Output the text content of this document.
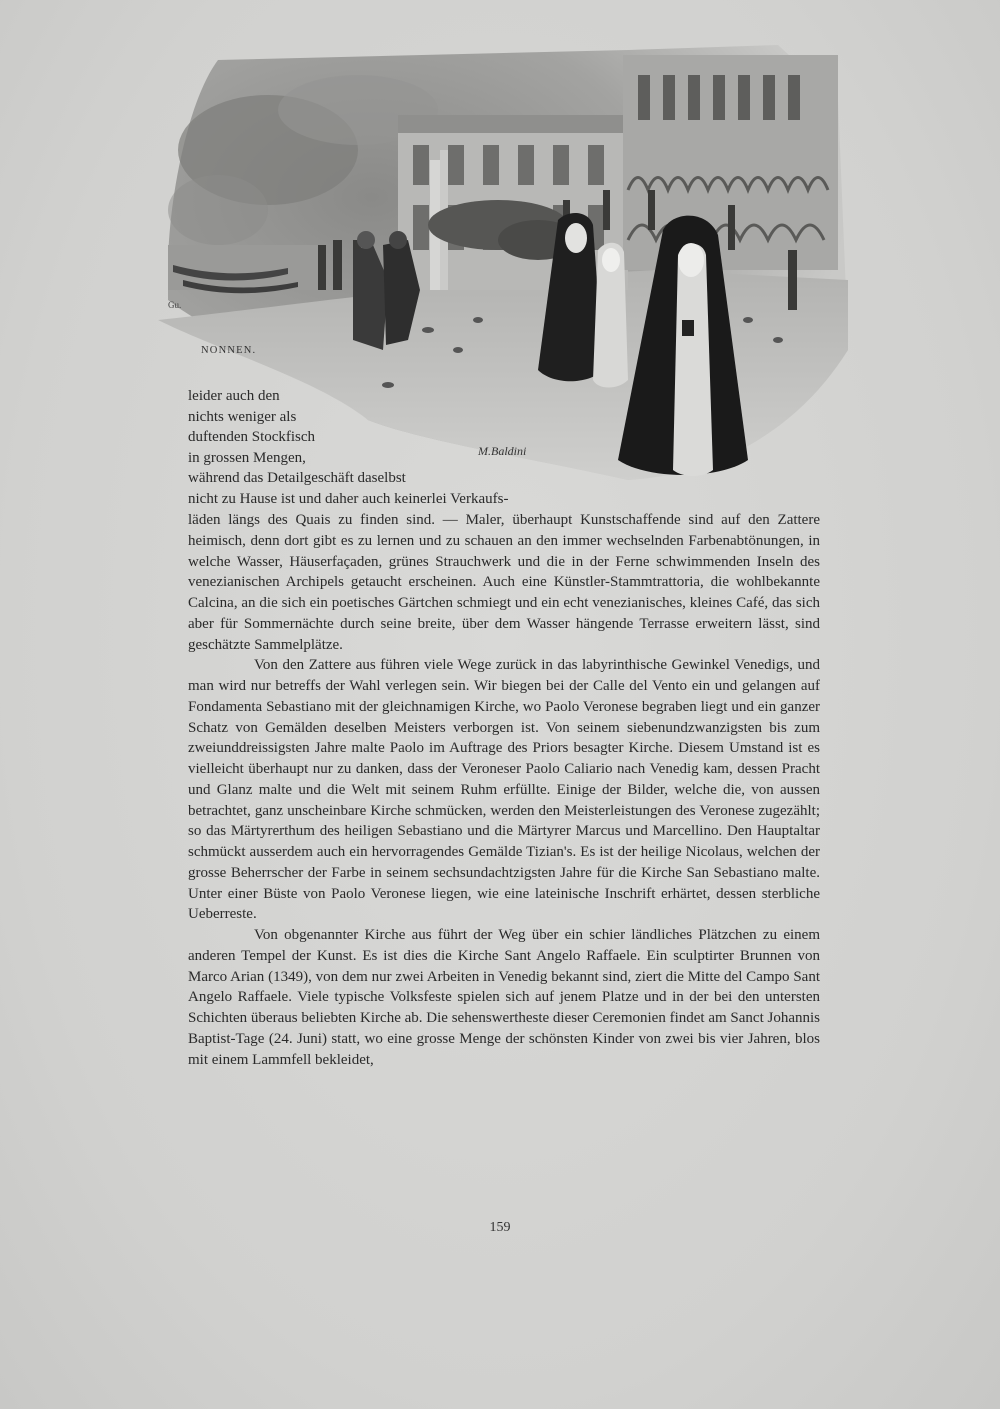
Gu.
M.Baldini
NONNEN.
leider auch den
nichts weniger als
duftenden Stockfisch
in grossen Mengen,
während das Detailgeschäft daselbst
nicht zu Hause ist und daher auch keinerlei Verkaufs-

läden längs des Quais zu finden sind. — Maler, überhaupt Kunstschaffende sind auf den Zattere heimisch, denn dort gibt es zu lernen und zu schauen an den immer wechselnden Farbenabtönungen, in welche Wasser, Häuserfaçaden, grünes Strauchwerk und die in der Ferne schwimmenden Inseln des venezianischen Archipels getaucht erscheinen. Auch eine Künstler-Stammtrattoria, die wohlbekannte Calcina, an die sich ein poetisches Gärtchen schmiegt und ein echt venezianisches, kleines Café, das sich aber für Sommernächte durch seine breite, über dem Wasser hängende Terrasse erweitern lässt, sind geschätzte Sammelplätze.

Von den Zattere aus führen viele Wege zurück in das labyrinthische Gewinkel Venedigs, und man wird nur betreffs der Wahl verlegen sein. Wir biegen bei der Calle del Vento ein und gelangen auf Fondamenta Sebastiano mit der gleichnamigen Kirche, wo Paolo Veronese begraben liegt und ein ganzer Schatz von Gemälden deselben Meisters verborgen ist. Von seinem siebenundzwanzigsten bis zum zweiunddreissigsten Jahre malte Paolo im Auftrage des Priors besagter Kirche. Diesem Umstand ist es vielleicht überhaupt nur zu danken, dass der Veroneser Paolo Caliario nach Venedig kam, dessen Pracht und Glanz malte und die Welt mit seinem Ruhm erfüllte. Einige der Bilder, welche die, von aussen betrachtet, ganz unscheinbare Kirche schmücken, werden den Meisterleistungen des Veronese zugezählt; so das Märtyrerthum des heiligen Sebastiano und die Märtyrer Marcus und Marcellino. Den Hauptaltar schmückt ausserdem auch ein hervorragendes Gemälde Tizian's. Es ist der heilige Nicolaus, welchen der grosse Beherrscher der Farbe in seinem sechsundachtzigsten Jahre für die Kirche San Sebastiano malte. Unter einer Büste von Paolo Veronese liegen, wie eine lateinische Inschrift erhärtet, dessen sterbliche Ueberreste.

Von obgenannter Kirche aus führt der Weg über ein schier ländliches Plätzchen zu einem anderen Tempel der Kunst. Es ist dies die Kirche Sant Angelo Raffaele. Ein sculptirter Brunnen von Marco Arian (1349), von dem nur zwei Arbeiten in Venedig bekannt sind, ziert die Mitte del Campo Sant Angelo Raffaele. Viele typische Volksfeste spielen sich auf jenem Platze und in der bei den untersten Schichten überaus beliebten Kirche ab. Die sehenswertheste dieser Ceremonien findet am Sanct Johannis Baptist-Tage (24. Juni) statt, wo eine grosse Menge der schönsten Kinder von zwei bis vier Jahren, blos mit einem Lammfell bekleidet,

159
